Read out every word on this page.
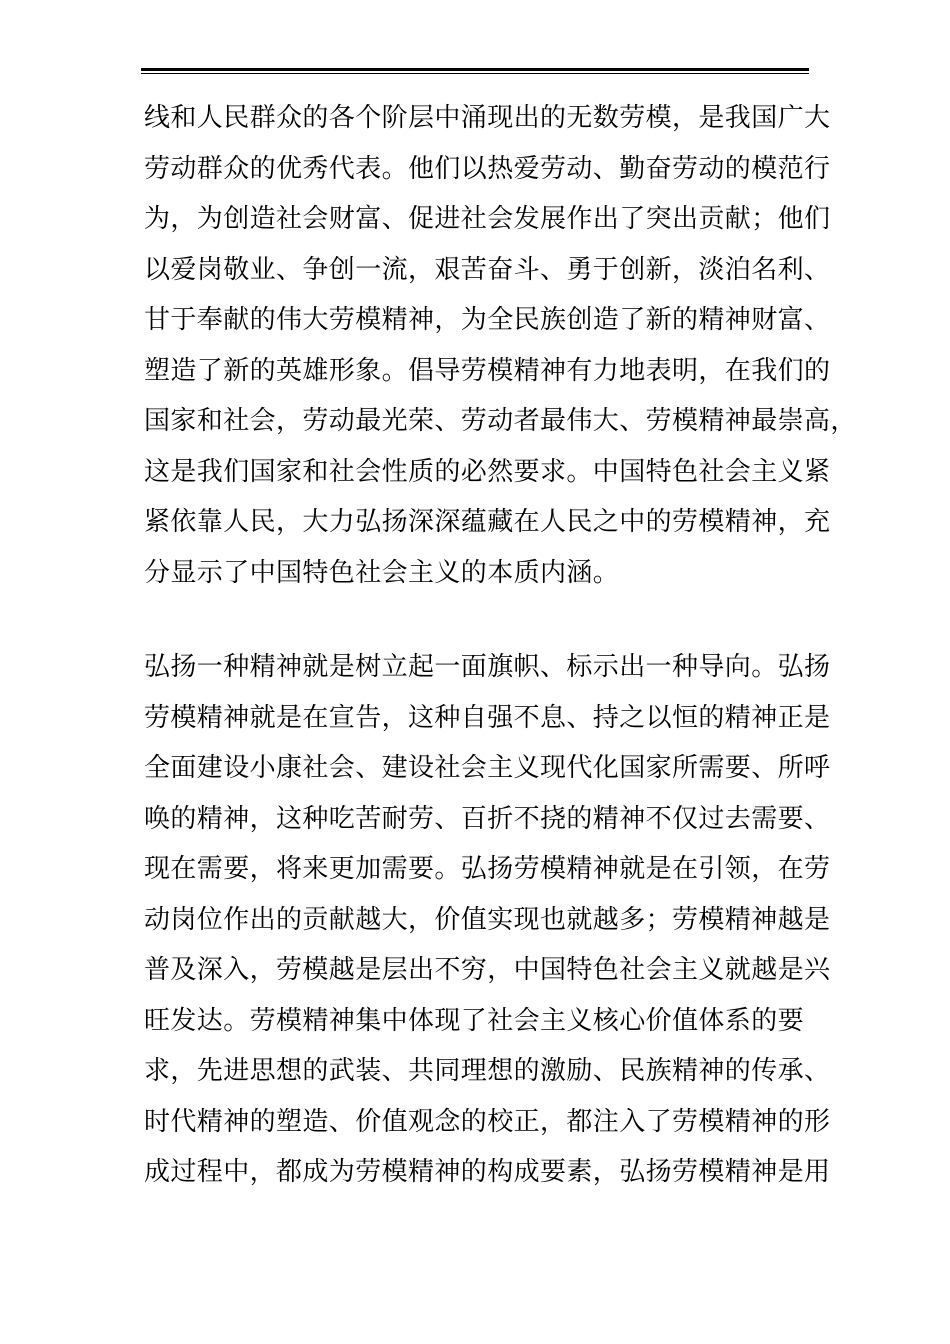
线和人民群众的各个阶层中涌现出的无数劳模，是我国广大
劳动群众的优秀代表。他们以热爱劳动、勤奋劳动的模范行
为，为创造社会财富、促进社会发展作出了突出贡献；他们
以爱岗敬业、争创一流，艰苦奋斗、勇于创新，淡泊名利、
甘于奉献的伟大劳模精神，为全民族创造了新的精神财富、
塑造了新的英雄形象。倡导劳模精神有力地表明，在我们的
国家和社会，劳动最光荣、劳动者最伟大、劳模精神最崇高，
这是我们国家和社会性质的必然要求。中国特色社会主义紧
紧依靠人民，大力弘扬深深蕴藏在人民之中的劳模精神，充
分显示了中国特色社会主义的本质内涵。

弘扬一种精神就是树立起一面旗帜、标示出一种导向。弘扬
劳模精神就是在宣告，这种自强不息、持之以恒的精神正是
全面建设小康社会、建设社会主义现代化国家所需要、所呼
唤的精神，这种吃苦耐劳、百折不挠的精神不仅过去需要、
现在需要，将来更加需要。弘扬劳模精神就是在引领，在劳
动岗位作出的贡献越大，价值实现也就越多；劳模精神越是
普及深入，劳模越是层出不穷，中国特色社会主义就越是兴
旺发达。劳模精神集中体现了社会主义核心价值体系的要
求，先进思想的武装、共同理想的激励、民族精神的传承、
时代精神的塑造、价值观念的校正，都注入了劳模精神的形
成过程中，都成为劳模精神的构成要素，弘扬劳模精神是用
